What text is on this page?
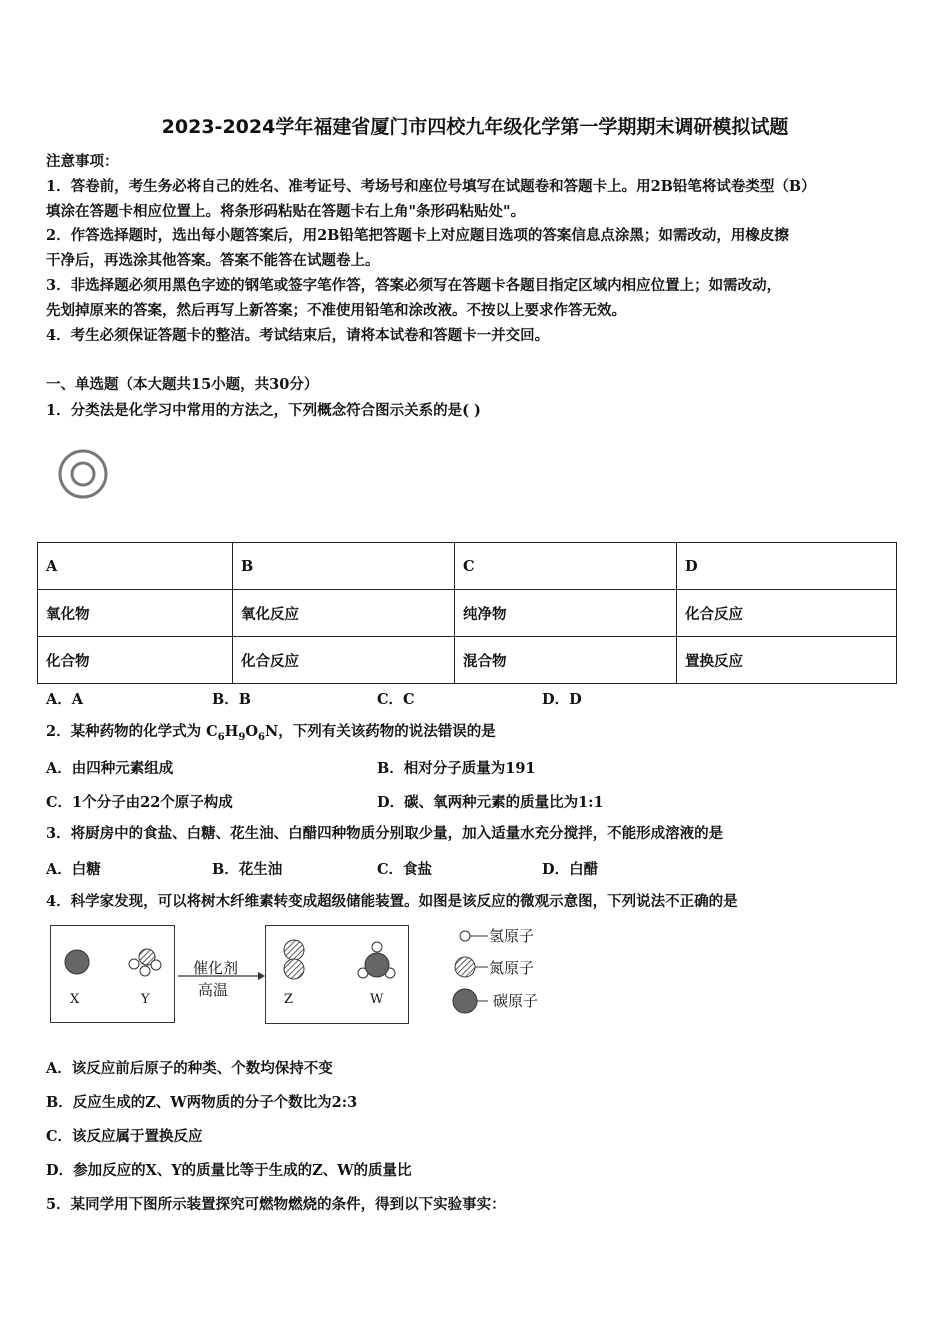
2023-2024学年福建省厦门市四校九年级化学第一学期期末调研模拟试题
注意事项：
1．答卷前，考生务必将自己的姓名、准考证号、考场号和座位号填写在试题卷和答题卡上。用2B铅笔将试卷类型（B）
填涂在答题卡相应位置上。将条形码粘贴在答题卡右上角"条形码粘贴处"。
2．作答选择题时，选出每小题答案后，用2B铅笔把答题卡上对应题目选项的答案信息点涂黑；如需改动，用橡皮擦
干净后，再选涂其他答案。答案不能答在试题卷上。
3．非选择题必须用黑色字迹的钢笔或签字笔作答，答案必须写在答题卡各题目指定区域内相应位置上；如需改动，
先划掉原来的答案，然后再写上新答案；不准使用铅笔和涂改液。不按以上要求作答无效。
4．考生必须保证答题卡的整洁。考试结束后，请将本试卷和答题卡一并交回。
一、单选题（本大题共15小题，共30分）
1．分类法是化学习中常用的方法之，下列概念符合图示关系的是( )
A	B	C	D
氧化物	氧化反应	纯净物	化合反应
化合物	化合反应	混合物	置换反应
A．A	B．B	C．C	D．D
2．某种药物的化学式为 $C_6H_9O_6N$，下列有关该药物的说法错误的是
A．由四种元素组成	B．相对分子质量为191
C．1个分子由22个原子构成	D．碳、氧两种元素的质量比为1:1
3．将厨房中的食盐、白糖、花生油、白醋四种物质分别取少量，加入适量水充分搅拌，不能形成溶液的是
A．白糖	B．花生油	C．食盐	D．白醋
4．科学家发现，可以将树木纤维素转变成超级储能装置。如图是该反应的微观示意图，下列说法不正确的是
X	Y
催化剂
高温
Z	W
氢原子
氮原子
碳原子
A．该反应前后原子的种类、个数均保持不变
B．反应生成的Z、W两物质的分子个数比为2:3
C．该反应属于置换反应
D．参加反应的X、Y的质量比等于生成的Z、W的质量比
5．某同学用下图所示装置探究可燃物燃烧的条件，得到以下实验事实：
